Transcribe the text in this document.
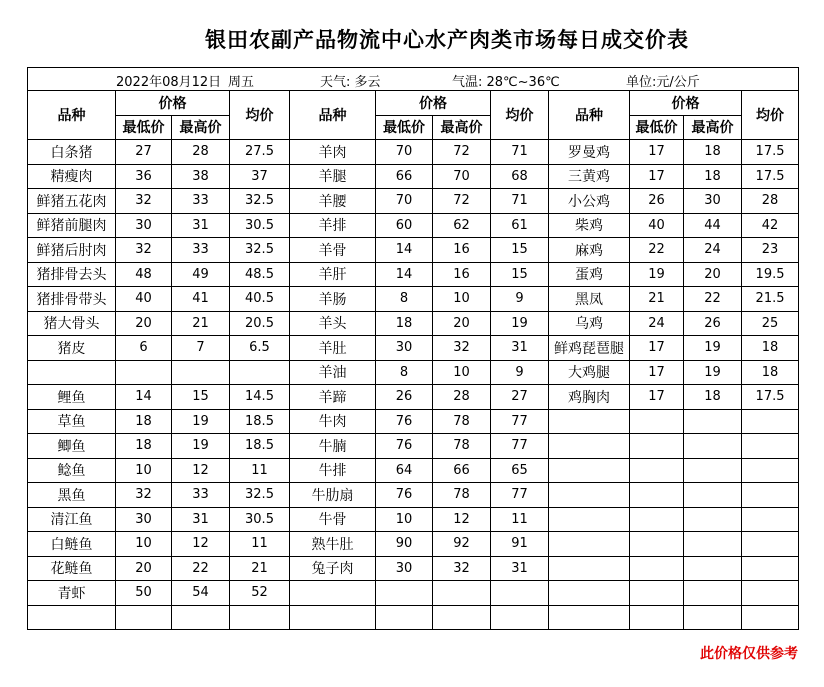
银田农副产品物流中心水产肉类市场每日成交价表
2022年08月12日 周五 天气: 多云 气温: 28℃~36℃ 单位:元/公斤											

品种	价格		均价	品种	价格		均价	品种	价格		均价
	最低价	最高价			最低价	最高价			最低价	最高价	
白条猪	27	28	27.5	羊肉	70	72	71	罗曼鸡	17	18	17.5
精瘦肉	36	38	37	羊腿	66	70	68	三黄鸡	17	18	17.5
鲜猪五花肉	32	33	32.5	羊腰	70	72	71	小公鸡	26	30	28
鲜猪前腿肉	30	31	30.5	羊排	60	62	61	柴鸡	40	44	42
鲜猪后肘肉	32	33	32.5	羊骨	14	16	15	麻鸡	22	24	23
猪排骨去头	48	49	48.5	羊肝	14	16	15	蛋鸡	19	20	19.5
猪排骨带头	40	41	40.5	羊肠	8	10	9	黑凤	21	22	21.5
猪大骨头	20	21	20.5	羊头	18	20	19	乌鸡	24	26	25
猪皮	6	7	6.5	羊肚	30	32	31	鲜鸡琵琶腿	17	19	18
				羊油	8	10	9	大鸡腿	17	19	18
鲤鱼	14	15	14.5	羊蹄	26	28	27	鸡胸肉	17	18	17.5
草鱼	18	19	18.5	牛肉	76	78	77				
鲫鱼	18	19	18.5	牛腩	76	78	77				
鲶鱼	10	12	11	牛排	64	66	65				
黑鱼	32	33	32.5	牛肋扇	76	78	77				
清江鱼	30	31	30.5	牛骨	10	12	11				
白鲢鱼	10	12	11	熟牛肚	90	92	91				
花鲢鱼	20	22	21	兔子肉	30	32	31				
青虾	50	54	52								

此价格仅供参考
